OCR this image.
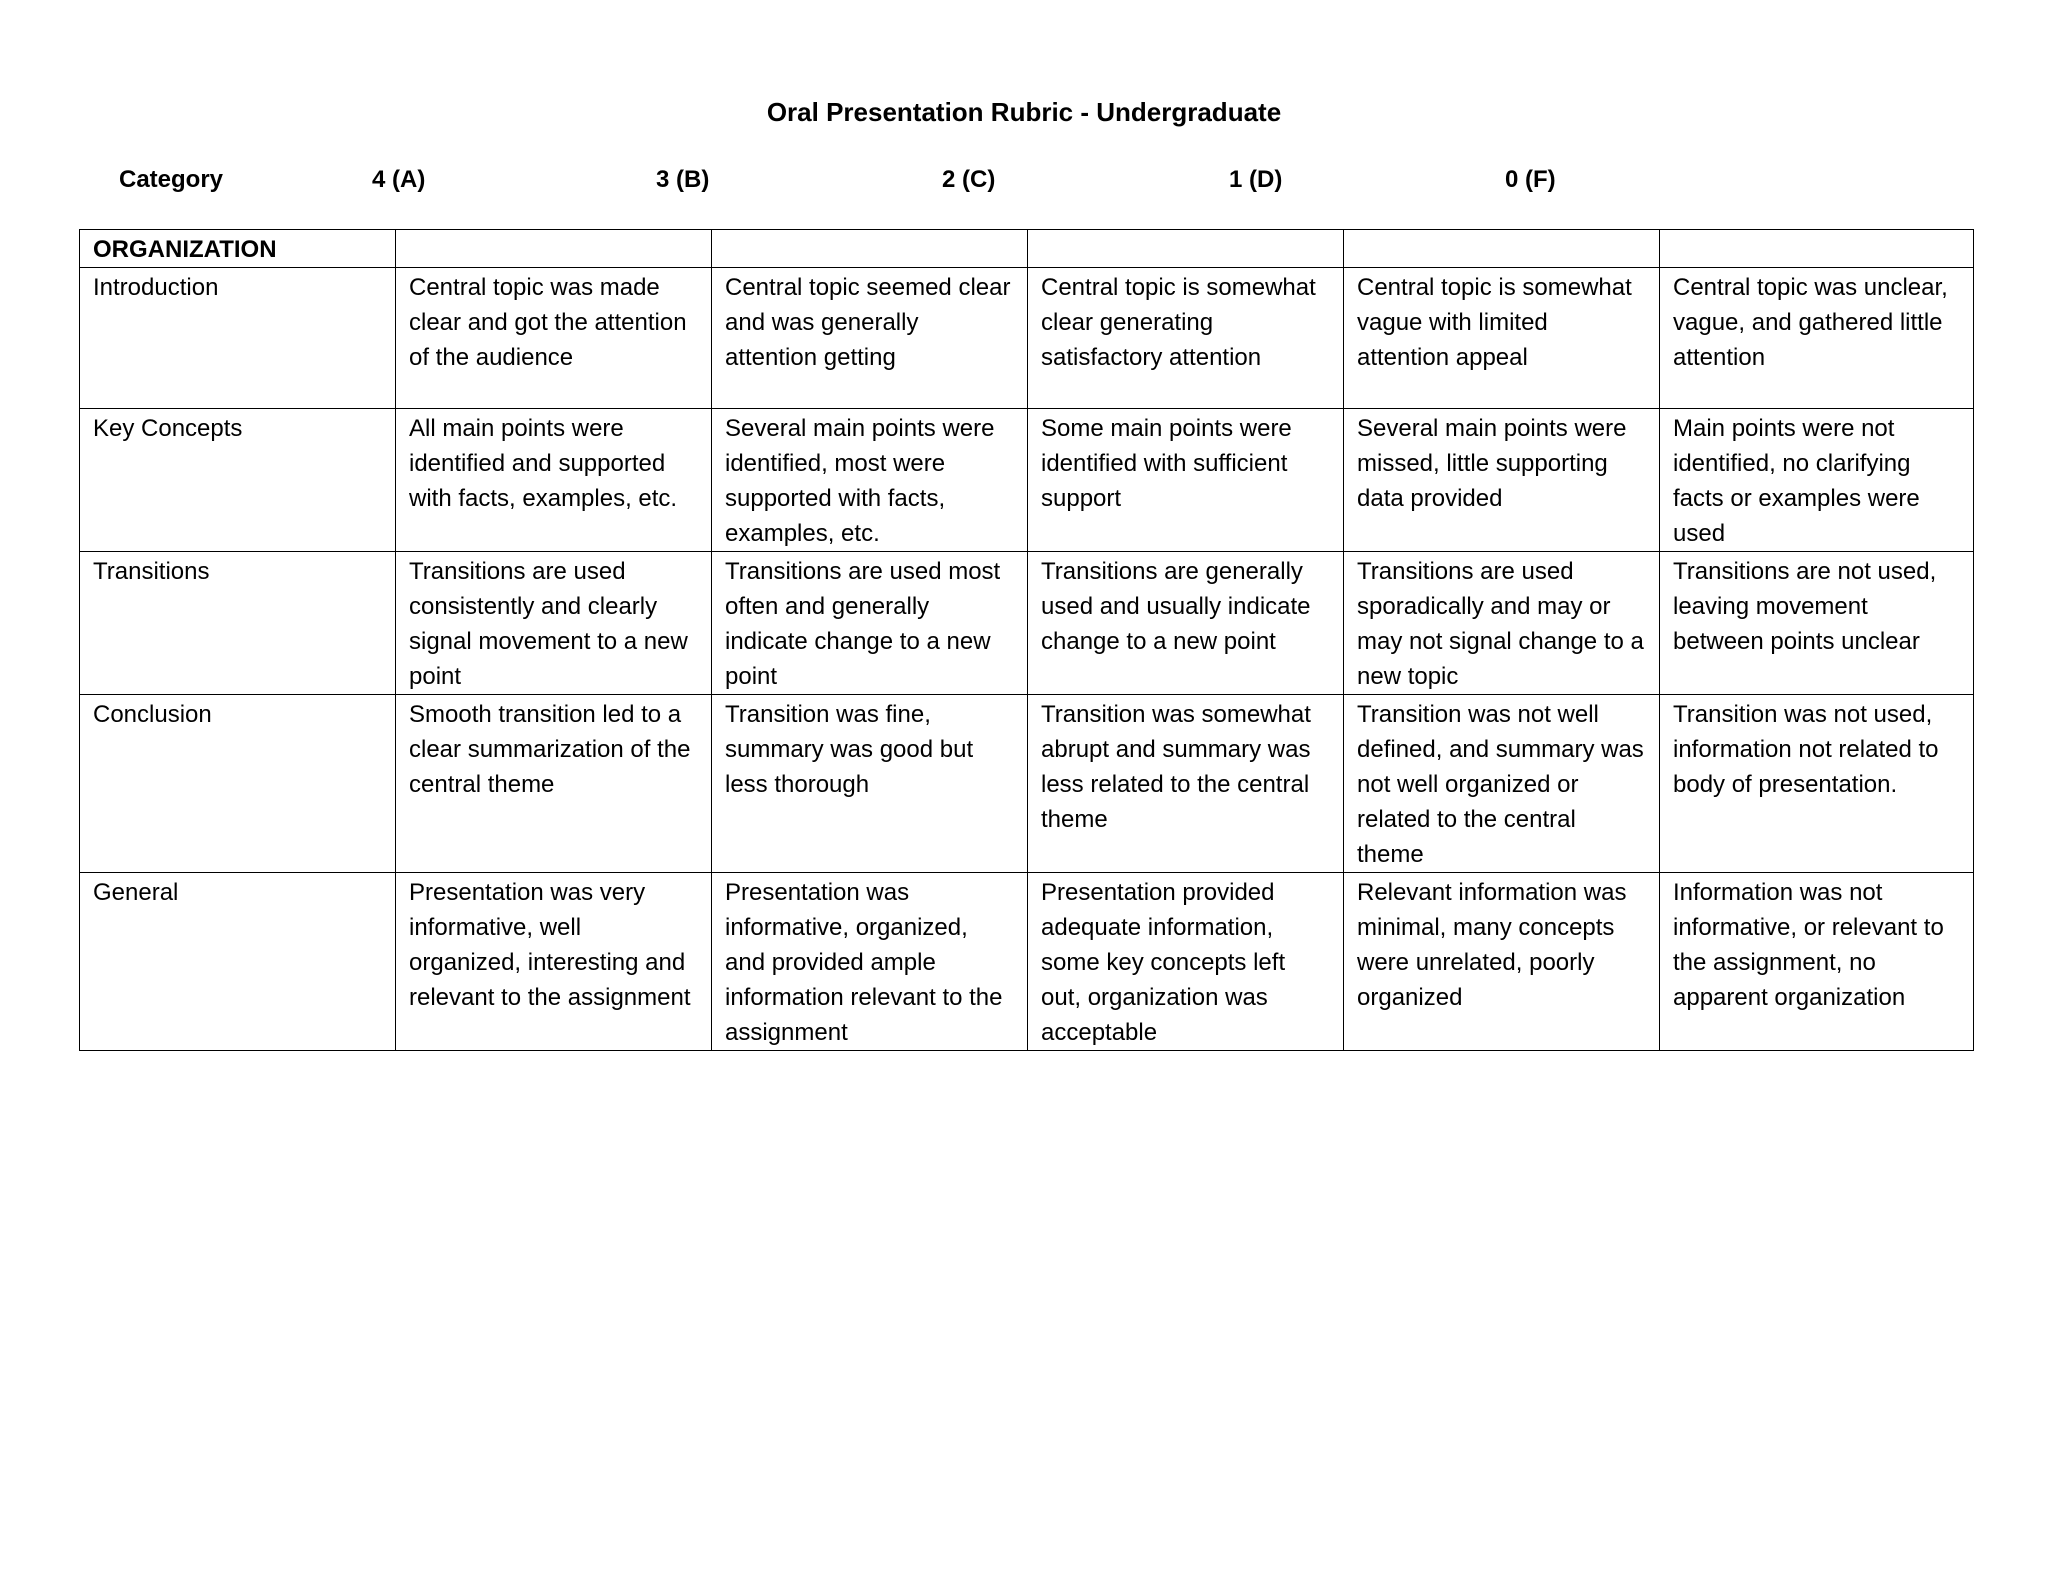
Oral Presentation Rubric - Undergraduate
Category	4 (A)	3 (B)	2 (C)	1 (D)	0 (F)
ORGANIZATION					
Introduction	Central topic was made clear and got the attention of the audience	Central topic seemed clear and was generally attention getting	Central topic is somewhat clear generating satisfactory attention	Central topic is somewhat vague with limited attention appeal	Central topic was unclear, vague, and gathered little attention
Key Concepts	All main points were identified and supported with facts, examples, etc.	Several main points were identified, most were supported with facts, examples, etc.	Some main points were identified with sufficient support	Several main points were missed, little supporting data provided	Main points were not identified, no clarifying facts or examples were used
Transitions	Transitions are used consistently and clearly signal movement to a new point	Transitions are used most often and generally indicate change to a new point	Transitions are generally used and usually indicate change to a new point	Transitions are used sporadically and may or may not signal change to a new topic	Transitions are not used, leaving movement between points unclear
Conclusion	Smooth transition led to a clear summarization of the central theme	Transition was fine, summary was good but less thorough	Transition was somewhat abrupt and summary was less related to the central theme	Transition was not well defined, and summary was not well organized or related to the central theme	Transition was not used, information not related to body of presentation.
General	Presentation was very informative, well organized, interesting and relevant to the assignment	Presentation was informative, organized, and provided ample information relevant to the assignment	Presentation provided adequate information, some key concepts left out, organization was acceptable	Relevant information was minimal, many concepts were unrelated, poorly organized	Information was not informative, or relevant to the assignment, no apparent organization
